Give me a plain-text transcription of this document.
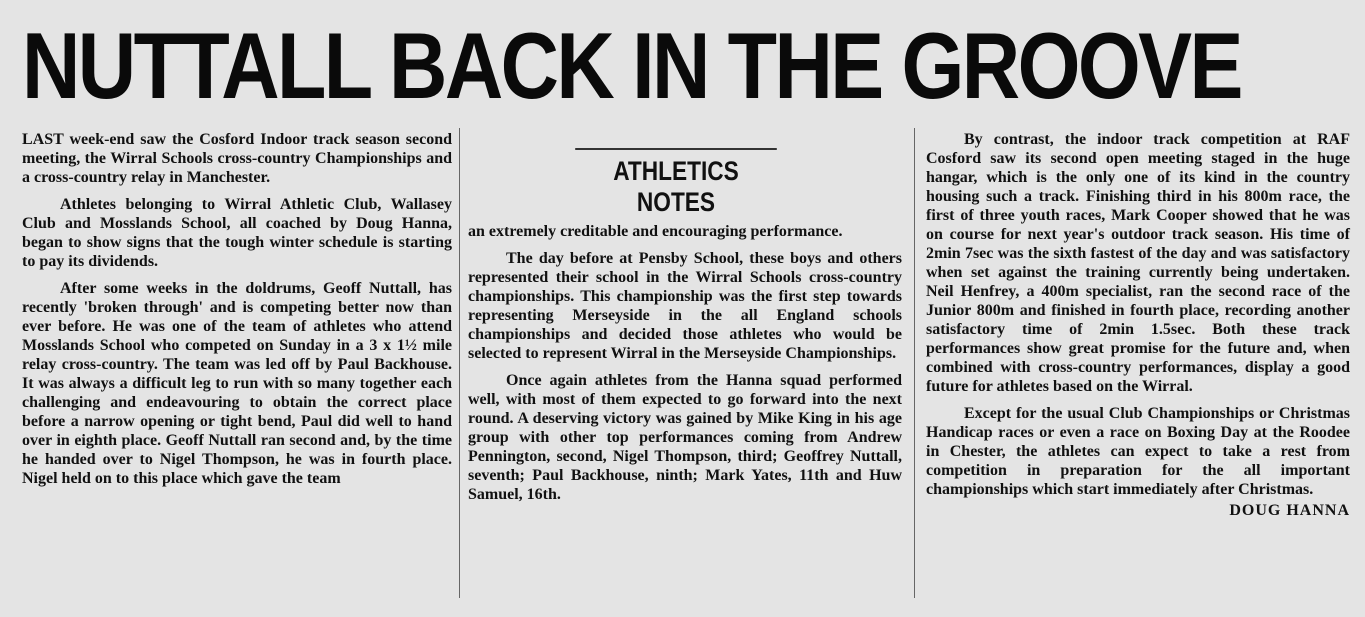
NUTTALL BACK IN THE GROOVE

LAST week-end saw the Cosford Indoor track season second meeting, the Wirral Schools cross-country Championships and a cross-country relay in Manchester.

Athletes belonging to Wirral Athletic Club, Wallasey Club and Mosslands School, all coached by Doug Hanna, began to show signs that the tough winter schedule is starting to pay its dividends.

After some weeks in the doldrums, Geoff Nuttall, has recently 'broken through' and is competing better now than ever before. He was one of the team of athletes who attend Mosslands School who competed on Sunday in a 3 x 1½ mile relay cross-country. The team was led off by Paul Backhouse. It was always a difficult leg to run with so many together each challenging and endeavouring to obtain the correct place before a narrow opening or tight bend, Paul did well to hand over in eighth place. Geoff Nuttall ran second and, by the time he handed over to Nigel Thompson, he was in fourth place. Nigel held on to this place which gave the team

ATHLETICS NOTES

an extremely creditable and encouraging performance.

The day before at Pensby School, these boys and others represented their school in the Wirral Schools cross-country championships. This championship was the first step towards representing Merseyside in the all England schools championships and decided those athletes who would be selected to represent Wirral in the Merseyside Championships.

Once again athletes from the Hanna squad performed well, with most of them expected to go forward into the next round. A deserving victory was gained by Mike King in his age group with other top performances coming from Andrew Pennington, second, Nigel Thompson, third; Geoffrey Nuttall, seventh; Paul Backhouse, ninth; Mark Yates, 11th and Huw Samuel, 16th.

By contrast, the indoor track competition at RAF Cosford saw its second open meeting staged in the huge hangar, which is the only one of its kind in the country housing such a track. Finishing third in his 800m race, the first of three youth races, Mark Cooper showed that he was on course for next year's outdoor track season. His time of 2min 7sec was the sixth fastest of the day and was satisfactory when set against the training currently being undertaken. Neil Henfrey, a 400m specialist, ran the second race of the Junior 800m and finished in fourth place, recording another satisfactory time of 2min 1.5sec. Both these track performances show great promise for the future and, when combined with cross-country performances, display a good future for athletes based on the Wirral.

Except for the usual Club Championships or Christmas Handicap races or even a race on Boxing Day at the Roodee in Chester, the athletes can expect to take a rest from competition in preparation for the all important championships which start immediately after Christmas.

DOUG HANNA
